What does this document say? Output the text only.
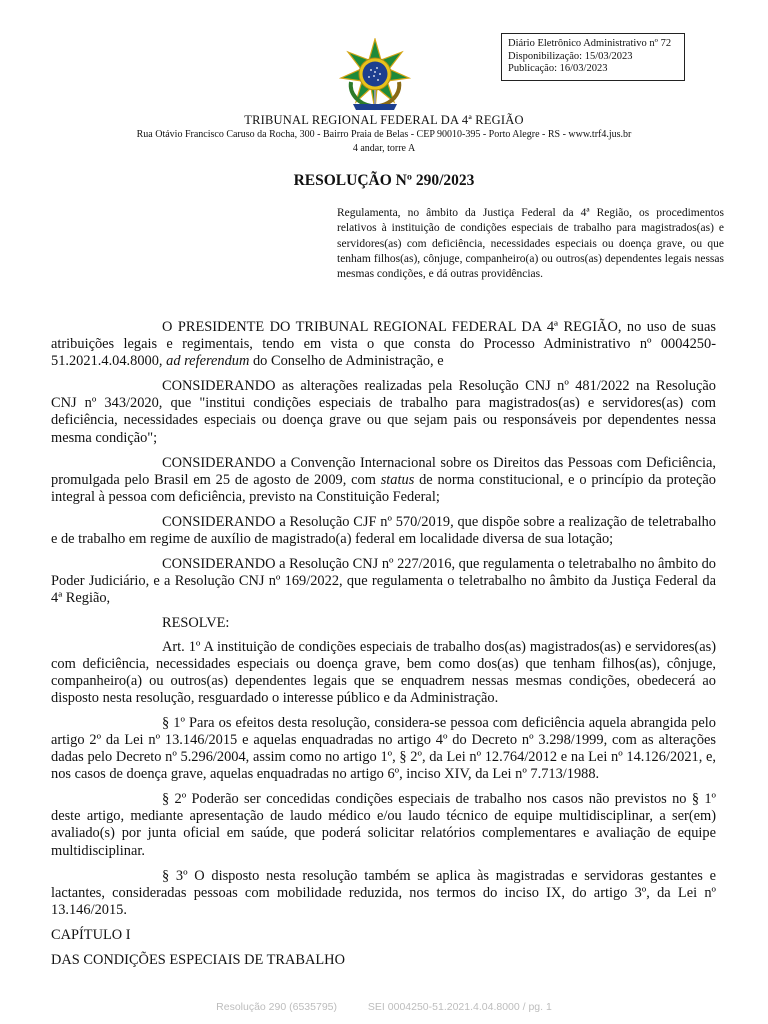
Diário Eletrônico Administrativo nº 72
Disponibilização: 15/03/2023
Publicação: 16/03/2023
TRIBUNAL REGIONAL FEDERAL DA 4ª REGIÃO
Rua Otávio Francisco Caruso da Rocha, 300 - Bairro Praia de Belas - CEP 90010-395 - Porto Alegre - RS - www.trf4.jus.br
4 andar, torre A
RESOLUÇÃO Nº 290/2023
Regulamenta, no âmbito da Justiça Federal da 4ª Região, os procedimentos relativos à instituição de condições especiais de trabalho para magistrados(as) e servidores(as) com deficiência, necessidades especiais ou doença grave, ou que tenham filhos(as), cônjuge, companheiro(a) ou outros(as) dependentes legais nessas mesmas condições, e dá outras providências.

O PRESIDENTE DO TRIBUNAL REGIONAL FEDERAL DA 4ª REGIÃO, no uso de suas atribuições legais e regimentais, tendo em vista o que consta do Processo Administrativo nº 0004250-51.2021.4.04.8000, ad referendum do Conselho de Administração, e

CONSIDERANDO as alterações realizadas pela Resolução CNJ nº 481/2022 na Resolução CNJ nº 343/2020, que "institui condições especiais de trabalho para magistrados(as) e servidores(as) com deficiência, necessidades especiais ou doença grave ou que sejam pais ou responsáveis por dependentes nessa mesma condição";

CONSIDERANDO a Convenção Internacional sobre os Direitos das Pessoas com Deficiência, promulgada pelo Brasil em 25 de agosto de 2009, com status de norma constitucional, e o princípio da proteção integral à pessoa com deficiência, previsto na Constituição Federal;

CONSIDERANDO a Resolução CJF nº 570/2019, que dispõe sobre a realização de teletrabalho e de trabalho em regime de auxílio de magistrado(a) federal em localidade diversa de sua lotação;

CONSIDERANDO a Resolução CNJ nº 227/2016, que regulamenta o teletrabalho no âmbito do Poder Judiciário, e a Resolução CNJ nº 169/2022, que regulamenta o teletrabalho no âmbito da Justiça Federal da 4ª Região,

RESOLVE:

Art. 1º A instituição de condições especiais de trabalho dos(as) magistrados(as) e servidores(as) com deficiência, necessidades especiais ou doença grave, bem como dos(as) que tenham filhos(as), cônjuge, companheiro(a) ou outros(as) dependentes legais que se enquadrem nessas mesmas condições, obedecerá ao disposto nesta resolução, resguardado o interesse público e da Administração.

§ 1º Para os efeitos desta resolução, considera-se pessoa com deficiência aquela abrangida pelo artigo 2º da Lei nº 13.146/2015 e aquelas enquadradas no artigo 4º do Decreto nº 3.298/1999, com as alterações dadas pelo Decreto nº 5.296/2004, assim como no artigo 1º, § 2º, da Lei nº 12.764/2012 e na Lei nº 14.126/2021, e, nos casos de doença grave, aquelas enquadradas no artigo 6º, inciso XIV, da Lei nº 7.713/1988.

§ 2º Poderão ser concedidas condições especiais de trabalho nos casos não previstos no § 1º deste artigo, mediante apresentação de laudo médico e/ou laudo técnico de equipe multidisciplinar, a ser(em) avaliado(s) por junta oficial em saúde, que poderá solicitar relatórios complementares e avaliação de equipe multidisciplinar.

§ 3º O disposto nesta resolução também se aplica às magistradas e servidoras gestantes e lactantes, consideradas pessoas com mobilidade reduzida, nos termos do inciso IX, do artigo 3º, da Lei nº 13.146/2015.

CAPÍTULO I

DAS CONDIÇÕES ESPECIAIS DE TRABALHO

Resolução 290 (6535795)	SEI 0004250-51.2021.4.04.8000 / pg. 1
